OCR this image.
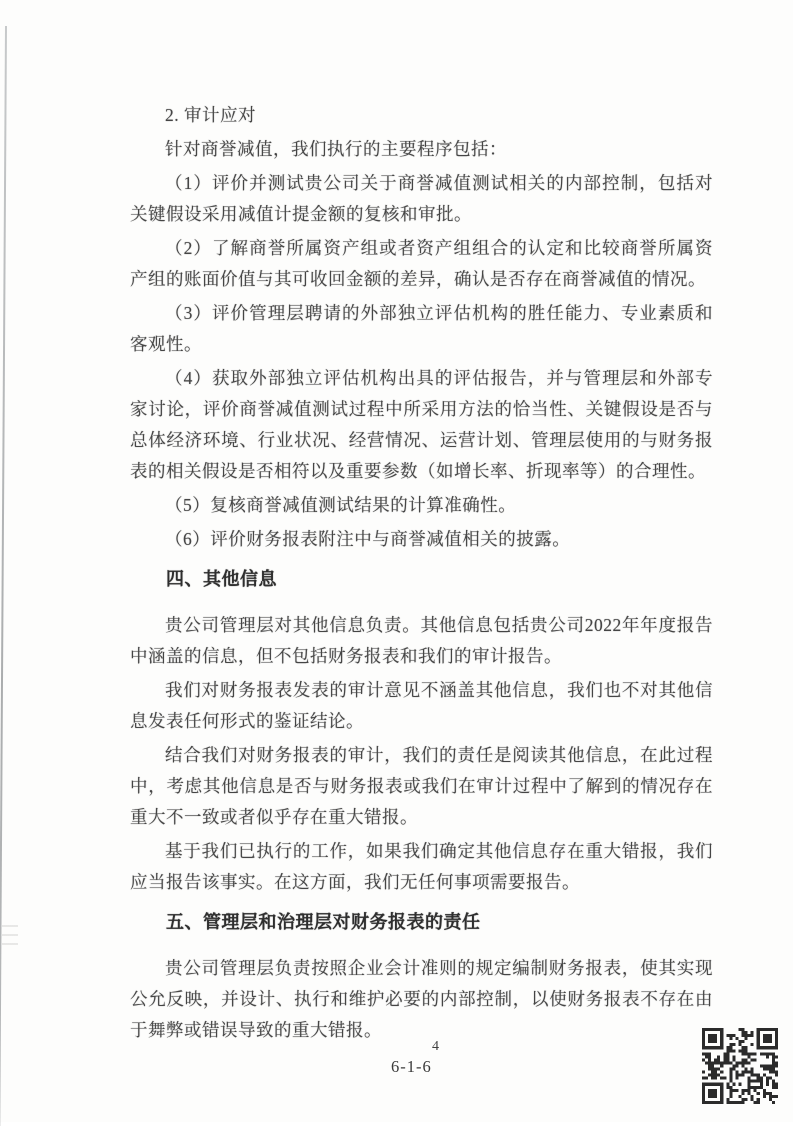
2. 审计应对

针对商誉减值，我们执行的主要程序包括：

（1）评价并测试贵公司关于商誉减值测试相关的内部控制，包括对关键假设采用减值计提金额的复核和审批。

（2）了解商誉所属资产组或者资产组组合的认定和比较商誉所属资产组的账面价值与其可收回金额的差异，确认是否存在商誉减值的情况。

（3）评价管理层聘请的外部独立评估机构的胜任能力、专业素质和客观性。

（4）获取外部独立评估机构出具的评估报告，并与管理层和外部专家讨论，评价商誉减值测试过程中所采用方法的恰当性、关键假设是否与总体经济环境、行业状况、经营情况、运营计划、管理层使用的与财务报表的相关假设是否相符以及重要参数（如增长率、折现率等）的合理性。

（5）复核商誉减值测试结果的计算准确性。

（6）评价财务报表附注中与商誉减值相关的披露。

四、其他信息

贵公司管理层对其他信息负责。其他信息包括贵公司2022年年度报告中涵盖的信息，但不包括财务报表和我们的审计报告。

我们对财务报表发表的审计意见不涵盖其他信息，我们也不对其他信息发表任何形式的鉴证结论。

结合我们对财务报表的审计，我们的责任是阅读其他信息，在此过程中，考虑其他信息是否与财务报表或我们在审计过程中了解到的情况存在重大不一致或者似乎存在重大错报。

基于我们已执行的工作，如果我们确定其他信息存在重大错报，我们应当报告该事实。在这方面，我们无任何事项需要报告。

五、管理层和治理层对财务报表的责任

贵公司管理层负责按照企业会计准则的规定编制财务报表，使其实现公允反映，并设计、执行和维护必要的内部控制，以使财务报表不存在由于舞弊或错误导致的重大错报。

4
6-1-6
